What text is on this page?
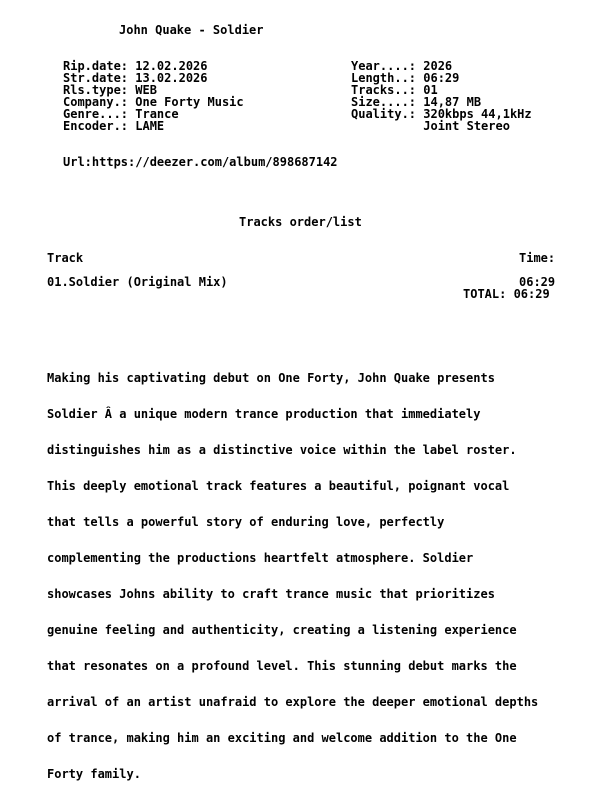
John Quake - Soldier
Rip.date: 12.02.2026
Str.date: 13.02.2026
Rls.type: WEB
Company.: One Forty Music
Genre...: Trance
Encoder.: LAME
Year....: 2026
Length..: 06:29
Tracks..: 01
Size....: 14,87 MB
Quality.: 320kbps 44,1kHz
Joint Stereo
Url:https://deezer.com/album/898687142
Tracks order/list
Track	Time:
01.Soldier (Original Mix)	06:29
TOTAL: 06:29

Making his captivating debut on One Forty, John Quake presents

Soldier Â a unique modern trance production that immediately

distinguishes him as a distinctive voice within the label roster.

This deeply emotional track features a beautiful, poignant vocal

that tells a powerful story of enduring love, perfectly

complementing the productions heartfelt atmosphere. Soldier

showcases Johns ability to craft trance music that prioritizes

genuine feeling and authenticity, creating a listening experience

that resonates on a profound level. This stunning debut marks the

arrival of an artist unafraid to explore the deeper emotional depths

of trance, making him an exciting and welcome addition to the One

Forty family.
